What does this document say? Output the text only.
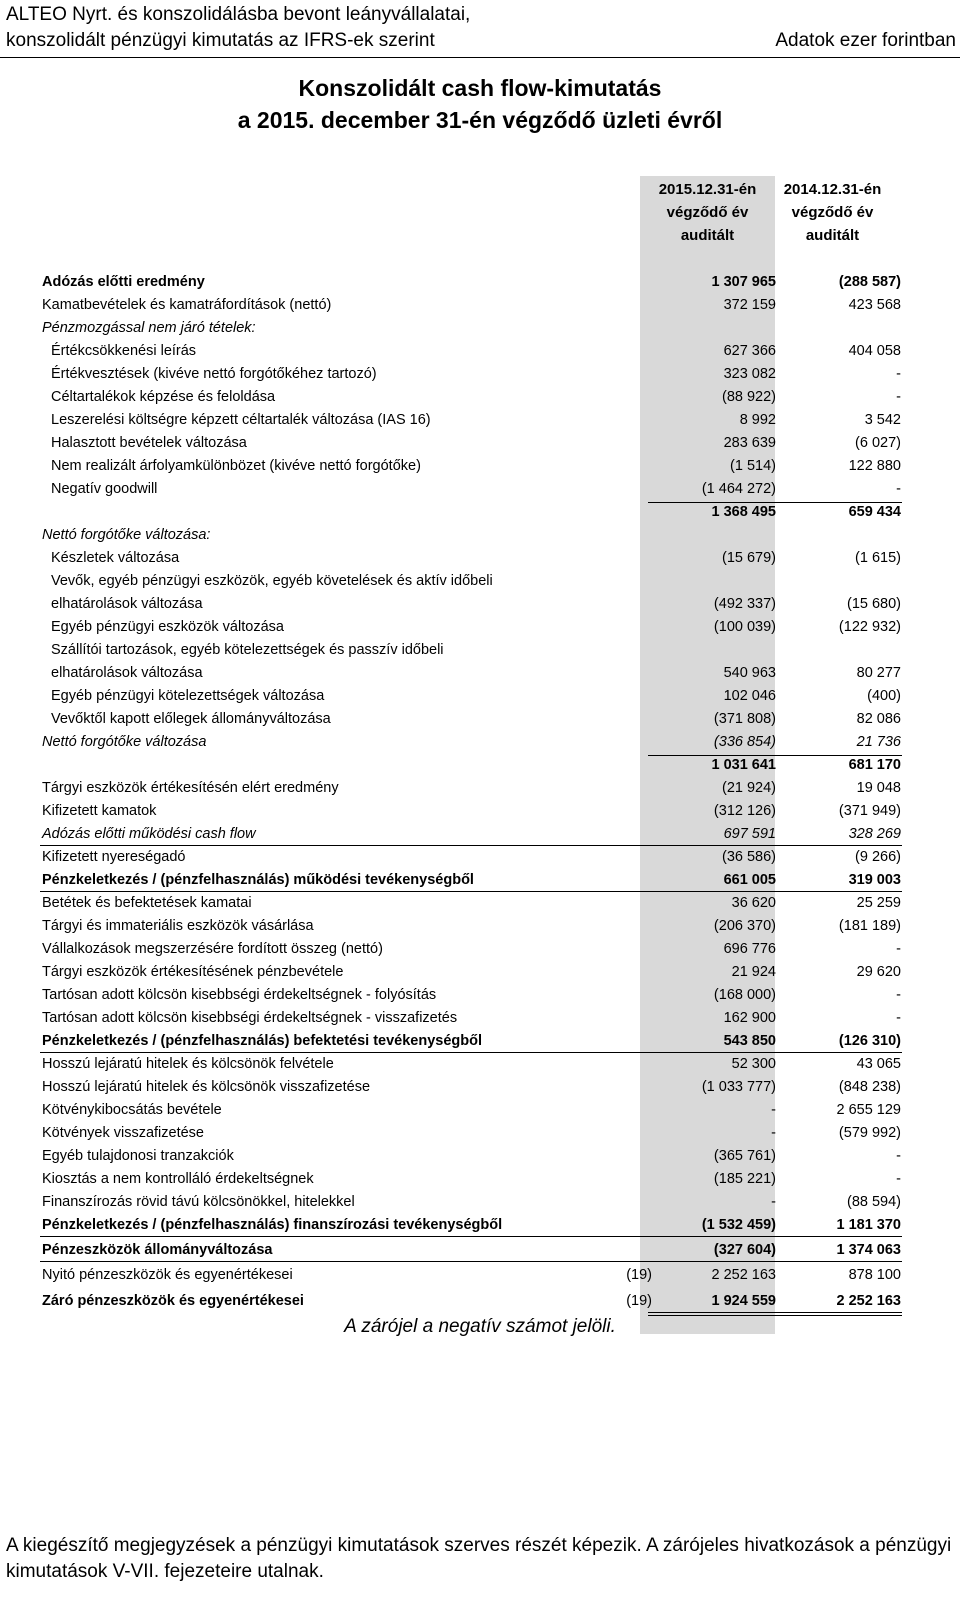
ALTEO Nyrt. és konszolidálásba bevont leányvállalatai,
konszolidált pénzügyi kimutatás az IFRS-ek szerint	Adatok ezer forintban
Konszolidált cash flow-kimutatás
a 2015. december 31-én végződő üzleti évről
2015.12.31-én
végződő év
auditált
2014.12.31-én
végződő év
auditált
Adózás előtti eredmény	1 307 965	(288 587)
Kamatbevételek és kamatráfordítások (nettó)	372 159	423 568
Pénzmozgással nem járó tételek:
Értékcsökkenési leírás	627 366	404 058
Értékvesztések (kivéve nettó forgótőkéhez tartozó)	323 082	-
Céltartalékok képzése és feloldása	(88 922)	-
Leszerelési költségre képzett céltartalék változása (IAS 16)	8 992	3 542
Halasztott bevételek változása	283 639	(6 027)
Nem realizált árfolyamkülönbözet (kivéve nettó forgótőke)	(1 514)	122 880
Negatív goodwill	(1 464 272)	-
1 368 495	659 434
Nettó forgótőke változása:
Készletek változása	(15 679)	(1 615)
Vevők, egyéb pénzügyi eszközök, egyéb követelések és aktív időbeli
elhatárolások változása	(492 337)	(15 680)
Egyéb pénzügyi eszközök változása	(100 039)	(122 932)
Szállítói tartozások, egyéb kötelezettségek és passzív időbeli
elhatárolások változása	540 963	80 277
Egyéb pénzügyi kötelezettségek változása	102 046	(400)
Vevőktől kapott előlegek állományváltozása	(371 808)	82 086
Nettó forgótőke változása	(336 854)	21 736
1 031 641	681 170
Tárgyi eszközök értékesítésén elért eredmény	(21 924)	19 048
Kifizetett kamatok	(312 126)	(371 949)
Adózás előtti működési cash flow	697 591	328 269
Kifizetett nyereségadó	(36 586)	(9 266)
Pénzkeletkezés / (pénzfelhasználás) működési tevékenységből	661 005	319 003
Betétek és befektetések kamatai	36 620	25 259
Tárgyi és immateriális eszközök vásárlása	(206 370)	(181 189)
Vállalkozások megszerzésére fordított összeg (nettó)	696 776	-
Tárgyi eszközök értékesítésének pénzbevétele	21 924	29 620
Tartósan adott kölcsön kisebbségi érdekeltségnek - folyósítás	(168 000)	-
Tartósan adott kölcsön kisebbségi érdekeltségnek - visszafizetés	162 900	-
Pénzkeletkezés / (pénzfelhasználás) befektetési tevékenységből	543 850	(126 310)
Hosszú lejáratú hitelek és kölcsönök felvétele	52 300	43 065
Hosszú lejáratú hitelek és kölcsönök visszafizetése	(1 033 777)	(848 238)
Kötvénykibocsátás bevétele	-	2 655 129
Kötvények visszafizetése	-	(579 992)
Egyéb tulajdonosi tranzakciók	(365 761)	-
Kiosztás a nem kontrolláló érdekeltségnek	(185 221)	-
Finanszírozás rövid távú kölcsönökkel, hitelekkel	-	(88 594)
Pénzkeletkezés / (pénzfelhasználás) finanszírozási tevékenységből	(1 532 459)	1 181 370
Pénzeszközök állományváltozása	(327 604)	1 374 063
Nyitó pénzeszközök és egyenértékesei	(19)	2 252 163	878 100
Záró pénzeszközök és egyenértékesei	(19)	1 924 559	2 252 163
A zárójel a negatív számot jelöli.
A kiegészítő megjegyzések a pénzügyi kimutatások szerves részét képezik. A zárójeles hivatkozások a pénzügyi kimutatások V-VII. fejezeteire utalnak.
